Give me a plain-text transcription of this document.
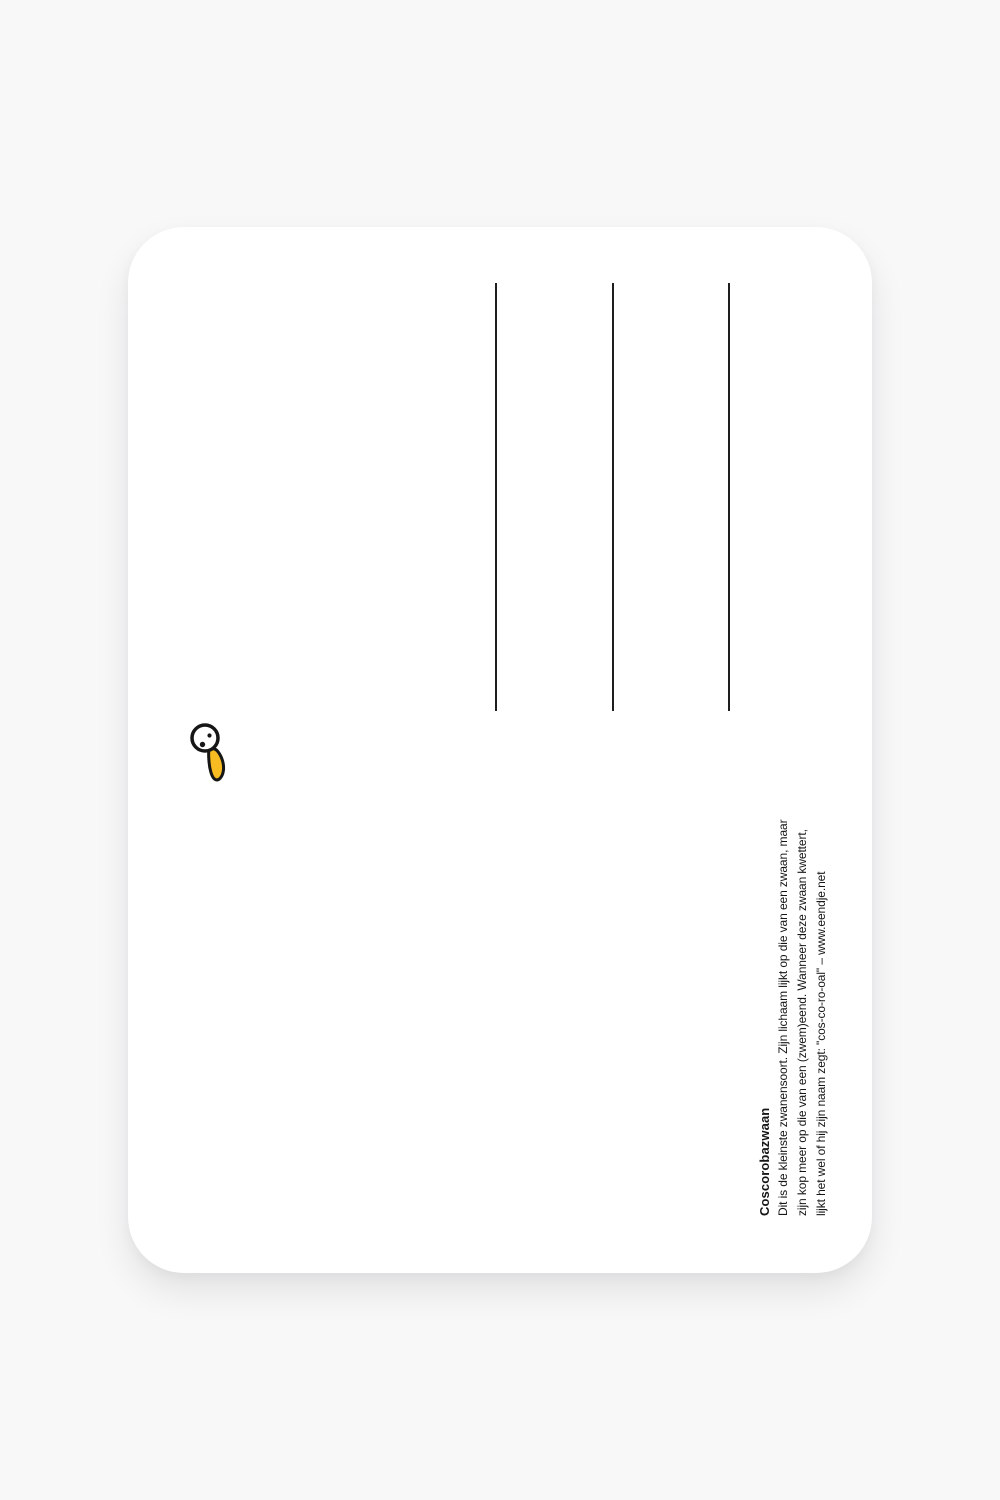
Coscorobazwaan Dit is de kleinste zwanensoort. Zijn lichaam lijkt op die van een zwaan, maar zijn kop meer op die van een (zwem)eend. Wanneer deze zwaan kwettert, lijkt het wel of hij zijn naam zegt: "cos-co-ro-oal" – www.eendje.net
